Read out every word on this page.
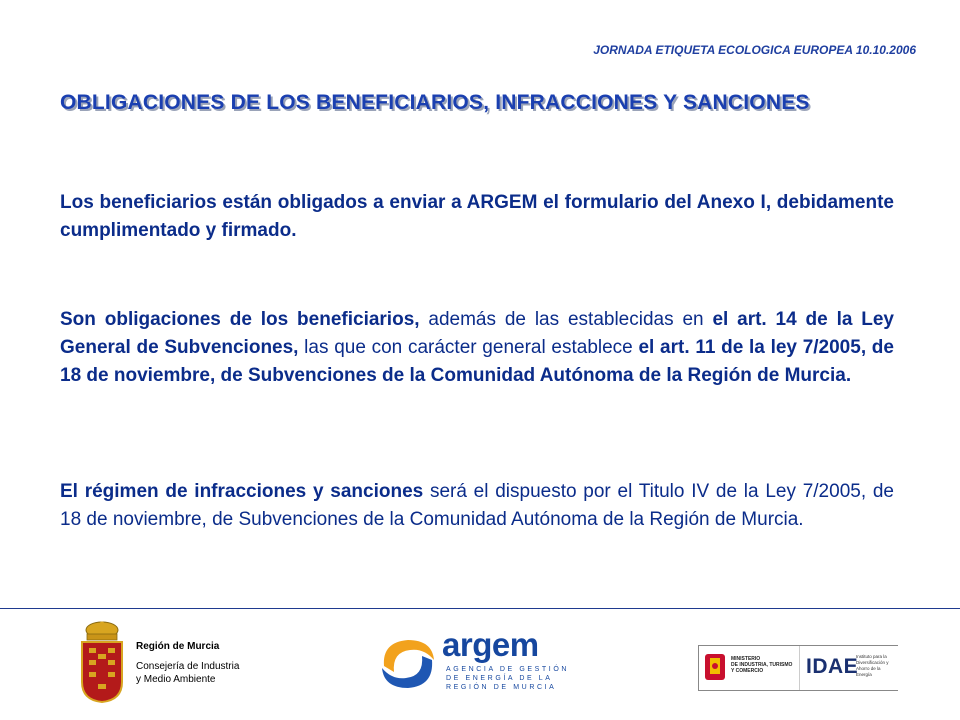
JORNADA ETIQUETA ECOLOGICA EUROPEA 10.10.2006
OBLIGACIONES DE LOS BENEFICIARIOS, INFRACCIONES Y SANCIONES
Los beneficiarios están obligados a enviar a ARGEM el formulario del Anexo I, debidamente cumplimentado y firmado.
Son obligaciones de los beneficiarios, además de las establecidas en el art. 14 de la Ley General de Subvenciones, las que con carácter general establece el art. 11 de la ley 7/2005, de 18 de noviembre, de Subvenciones de la Comunidad Autónoma de la Región de Murcia.
El régimen de infracciones y sanciones será el dispuesto por el Titulo IV de la Ley 7/2005, de 18 de noviembre, de Subvenciones de la Comunidad Autónoma de la Región de Murcia.
Región de Murcia
Consejería de Industria
y Medio Ambiente
argem
AGENCIA DE GESTIÓN
DE ENERGÍA DE LA
REGIÓN DE MURCIA
MINISTERIO
DE INDUSTRIA, TURISMO
Y COMERCIO	IDAE
Instituto para la
Diversificación y
Ahorro de la Energía
